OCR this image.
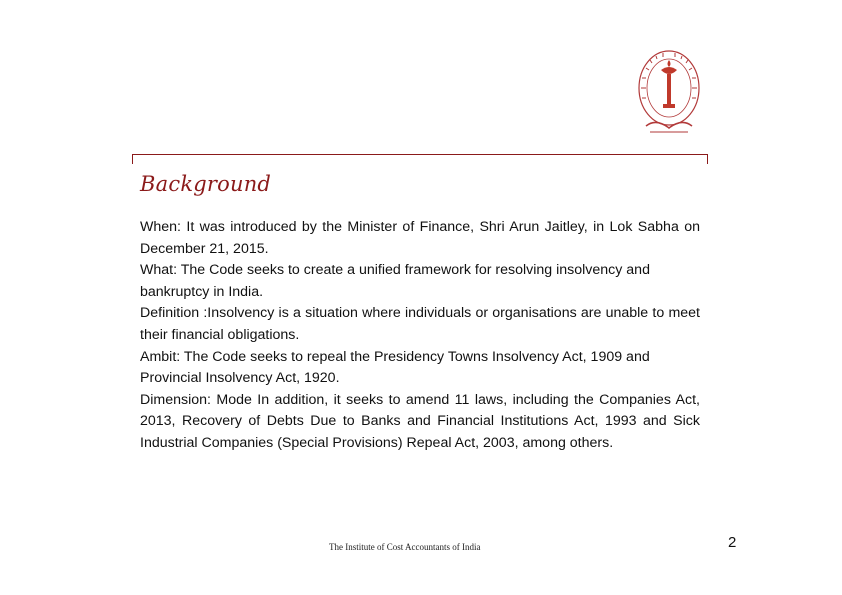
Background

When: It was introduced by the Minister of Finance, Shri Arun Jaitley, in Lok Sabha on December 21, 2015.

What: The Code seeks to create a unified framework for resolving insolvency and bankruptcy in India.

Definition :Insolvency is a situation where individuals or organisations are unable to meet their financial obligations.

Ambit: The Code seeks to repeal the Presidency Towns Insolvency Act, 1909 and Provincial Insolvency Act, 1920.

Dimension: Mode In addition, it seeks to amend 11 laws, including the Companies Act, 2013, Recovery of Debts Due to Banks and Financial Institutions Act, 1993 and Sick Industrial Companies (Special Provisions) Repeal Act, 2003, among others.

The Institute of Cost Accountants of India	2
